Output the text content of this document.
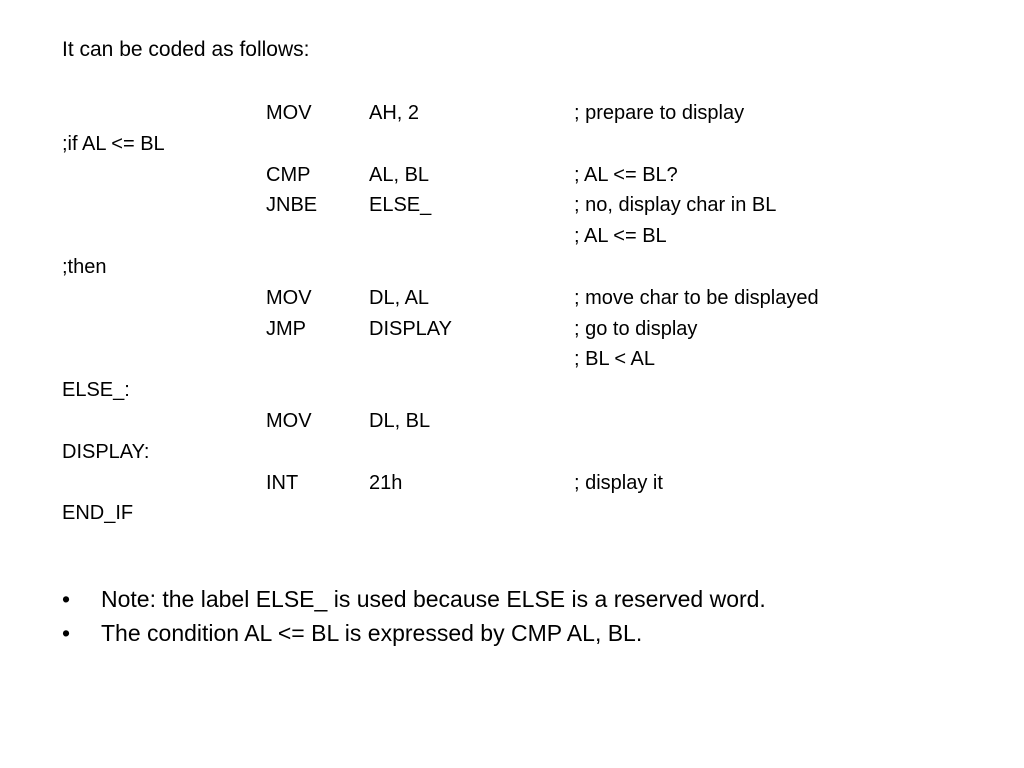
It can be coded as follows:
MOV	AH, 2	; prepare to display
;if AL <= BL
CMP	AL, BL	; AL <= BL?
JNBE	ELSE_	; no, display char in BL
; AL <= BL
;then
MOV	DL, AL	; move char to be displayed
JMP	DISPLAY	; go to display
; BL < AL
ELSE_:
MOV	DL, BL
DISPLAY:
INT	21h	; display it
END_IF
• Note: the label ELSE_ is used because ELSE is a reserved word.
• The condition AL <= BL is expressed by CMP AL, BL.
